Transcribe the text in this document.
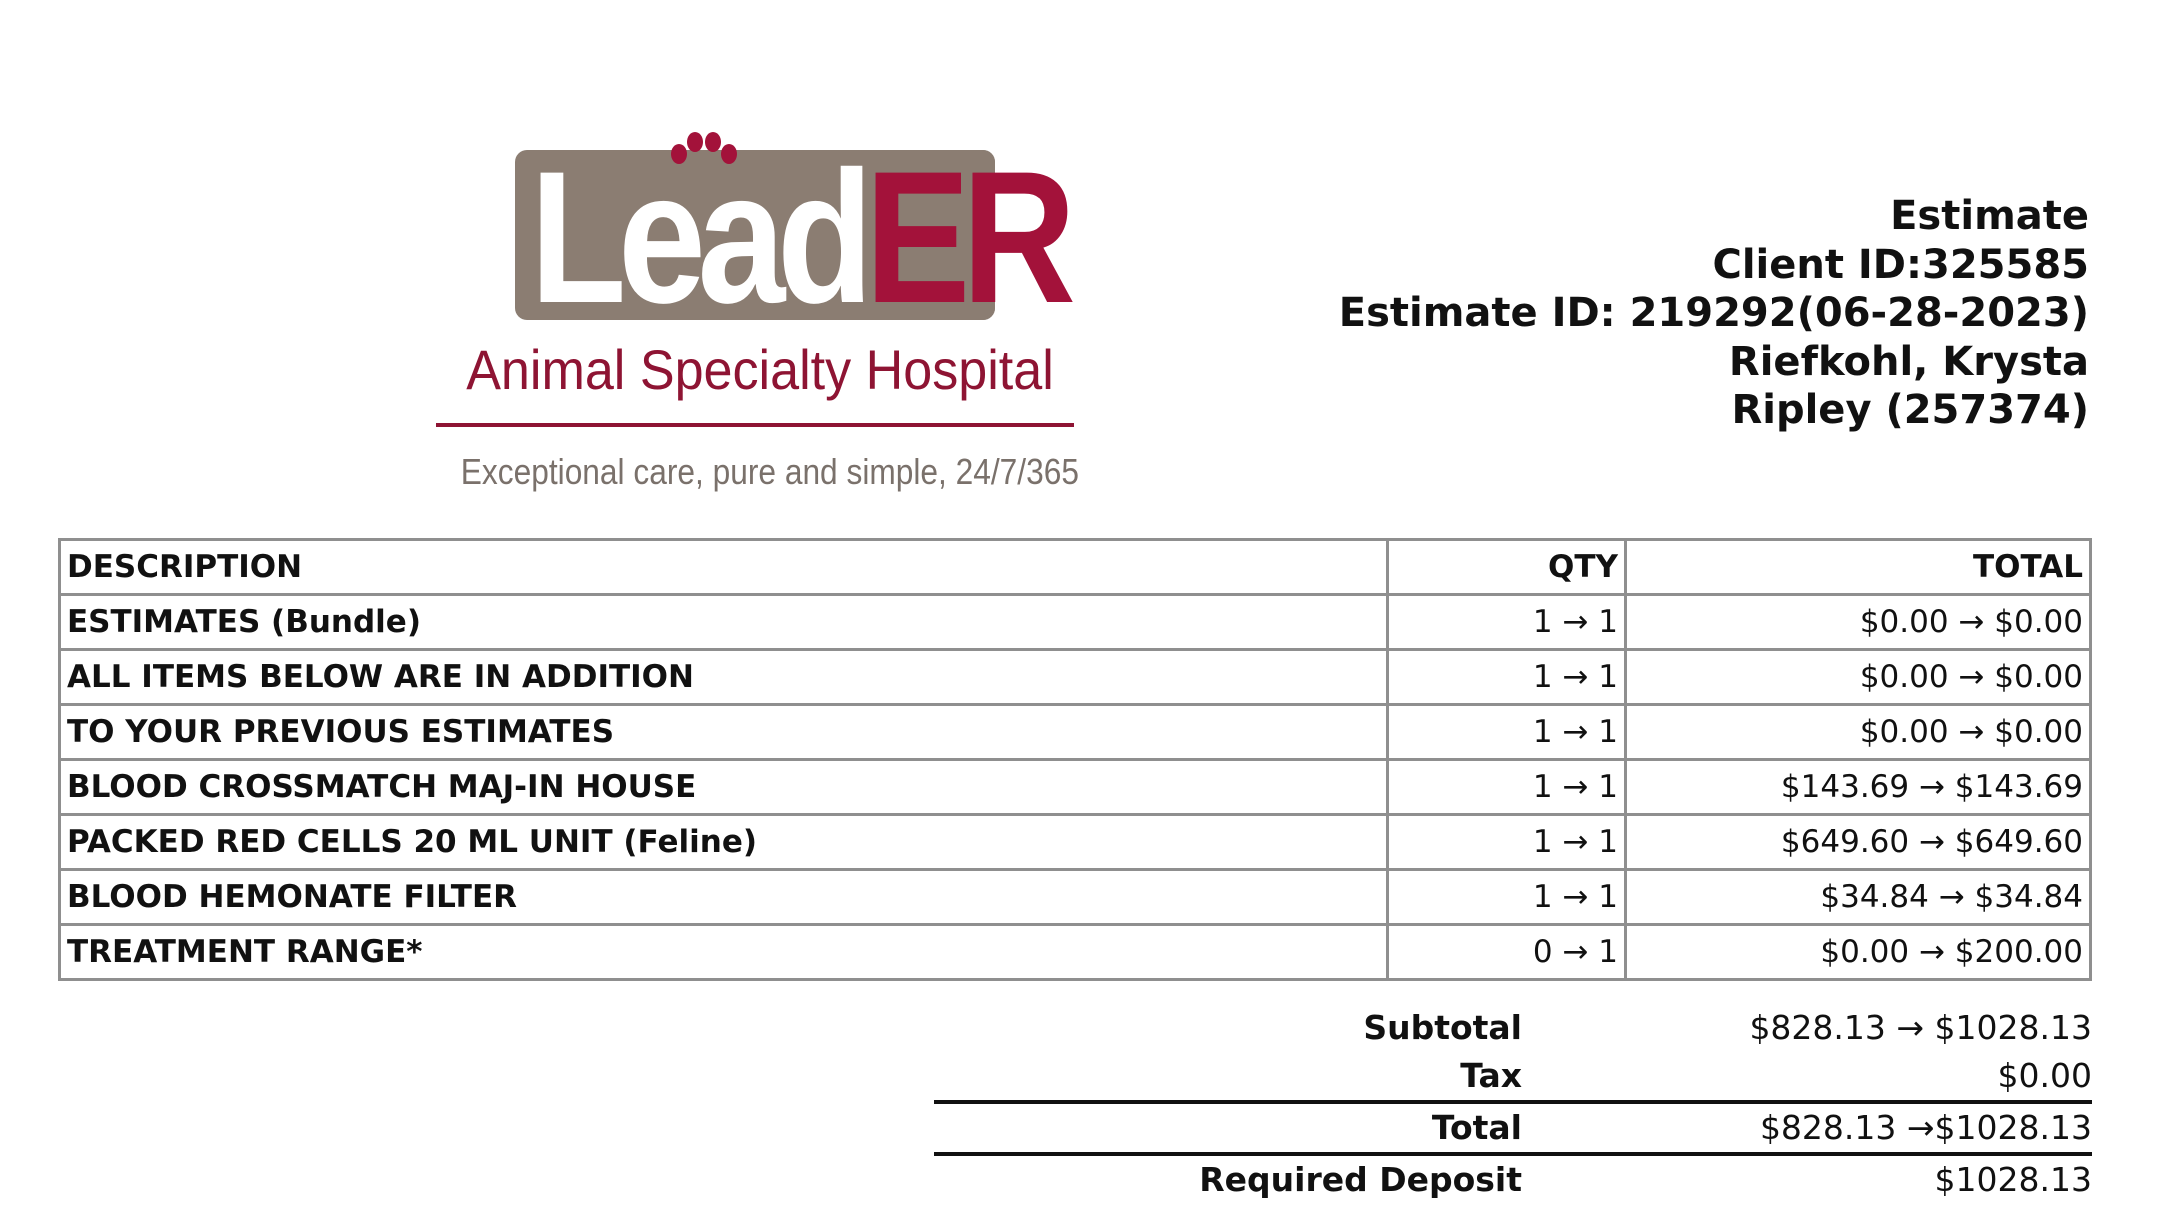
LeadER
Animal Specialty Hospital
Exceptional care, pure and simple, 24/7/365
Estimate
Client ID:325585
Estimate ID: 219292(06-28-2023)
Riefkohl, Krysta
Ripley (257374)
DESCRIPTION	QTY	TOTAL
ESTIMATES (Bundle)	1 → 1	$0.00 → $0.00
ALL ITEMS BELOW ARE IN ADDITION	1 → 1	$0.00 → $0.00
TO YOUR PREVIOUS ESTIMATES	1 → 1	$0.00 → $0.00
BLOOD CROSSMATCH MAJ-IN HOUSE	1 → 1	$143.69 → $143.69
PACKED RED CELLS 20 ML UNIT (Feline)	1 → 1	$649.60 → $649.60
BLOOD HEMONATE FILTER	1 → 1	$34.84 → $34.84
TREATMENT RANGE*	0 → 1	$0.00 → $200.00
Subtotal	$828.13 → $1028.13
Tax	$0.00
Total	$828.13 →$1028.13
Required Deposit	$1028.13
